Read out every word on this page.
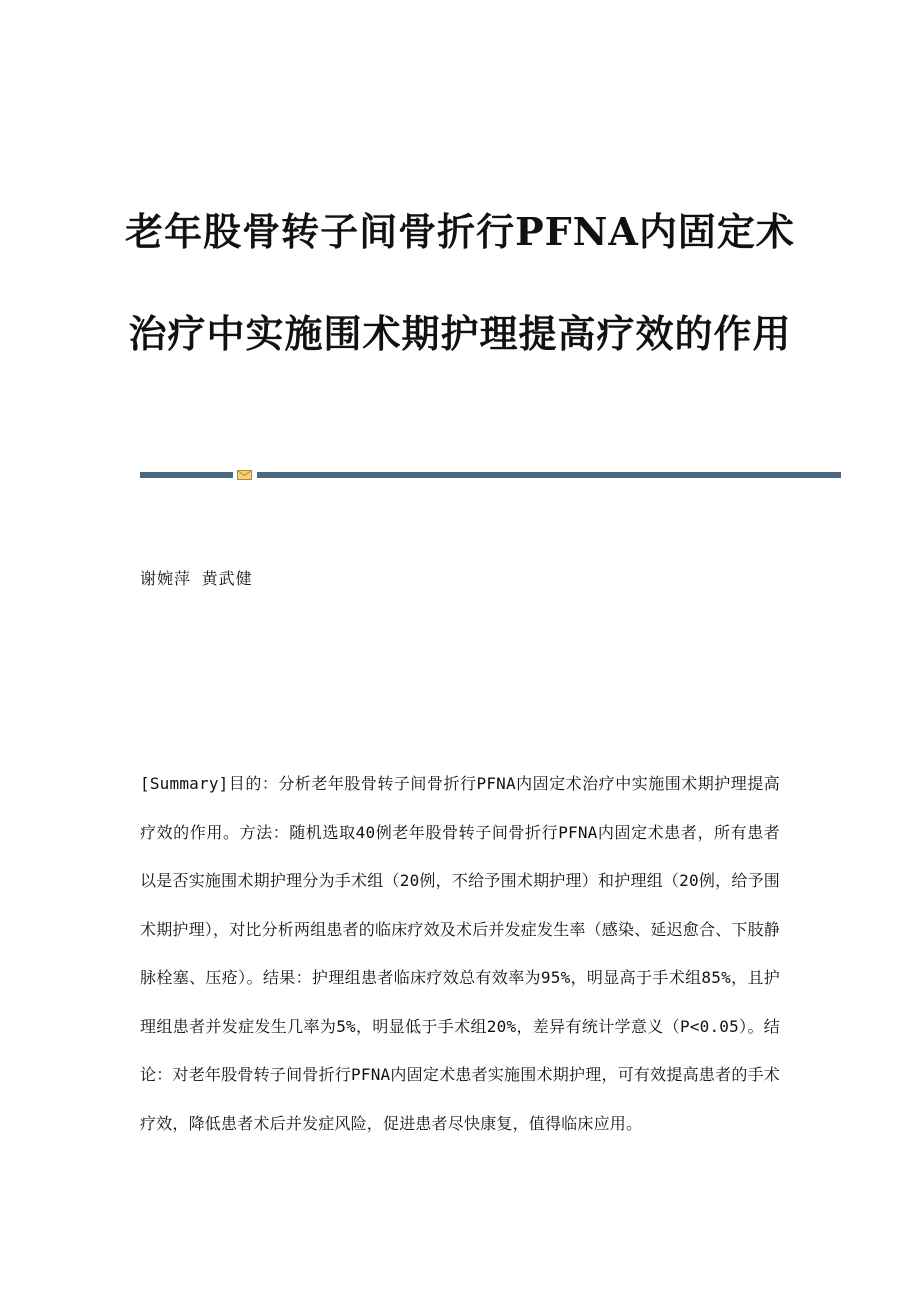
老年股骨转子间骨折行PFNA内固定术
治疗中实施围术期护理提高疗效的作用
谢婉萍 黄武健
[Summary]目的：分析老年股骨转子间骨折行PFNA内固定术治疗中实施围术期护理提高疗效的作用。方法：随机选取40例老年股骨转子间骨折行PFNA内固定术患者，所有患者以是否实施围术期护理分为手术组（20例，不给予围术期护理）和护理组（20例，给予围术期护理），对比分析两组患者的临床疗效及术后并发症发生率（感染、延迟愈合、下肢静脉栓塞、压疮）。结果：护理组患者临床疗效总有效率为95%，明显高于手术组85%，且护理组患者并发症发生几率为5%，明显低于手术组20%，差异有统计学意义（P<0.05）。结论：对老年股骨转子间骨折行PFNA内固定术患者实施围术期护理，可有效提高患者的手术疗效，降低患者术后并发症风险，促进患者尽快康复，值得临床应用。
